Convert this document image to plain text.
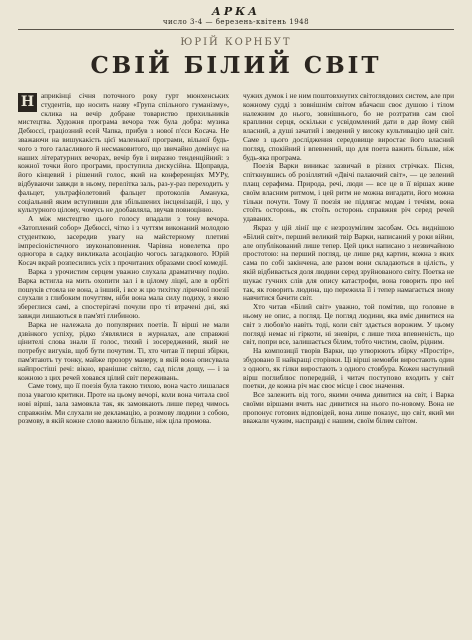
АРКА
число 3-4 — березень-квітень 1948
ЮРІЙ КОРНБУТ
СВІЙ БІЛИЙ СВІТ

Н априкінці січня поточного року гурт мюнхенських студентів, що носить назву «Група спільного гуманізму», склика на вечір добране товариство прихильників мистецтва. Художня програма вечора теж була добра: музика Дебюссі, грaціозний есей Чапка, прибув з нової п'єси Косача. Не зважаючи на вишукакість цієї маленької програми, вільної будь-чого з того галасливого й несмаковитого, що звичайно домінує на наших літературних вечорах, вечір був і виразно тенденційний: з кожної точки його програми, проступила дискусійна. Щоправда, його кінцевий і рішений голос, який на конференціях МУРу, відбуваючи завжди в ньому, перелітка заль, раз-у-раз переходить у фальцет, ультрафіолетовий фальцет протоколів Аманука, соціальний яким вступивши для збільшених інсценізацій, і що, у культурного цілому, чомусь не дообавляла, звучав повноцінно.

А між мистецтво цього голосу впадали з тону вечора. «Затоплений собор» Дебюссі, чітко і з чуттям виконаний молодою студенткою, засередив увагу на майстерному плетиві імпресіоністичного звуконаповнення. Чарівна новелетка про одногора в садку викликала асоціацію чогось загадкового. Юрій Косач вкрай розпесились усіх з прочитаних образами своєї комедії.

Варка з урочистим серцем уважно слухала драматичну подію. Варка встигла на мить охопити зал і в цілому ліцеї, але в орбіті пошуків стояла не вона, а інший, і все ж цю тихітку ліричної поезії слухали з глибоким почуттям, ніби вона мала силу подиху, з якою збереглися самі, а спостерігачі почули про ті втрачені дні, які завжди лишаються в пам'яті глибиною.

Варка не належала до популярних поетів. Її вірші не мали дзвінкого успіху, рідко з'являлися в журналах, але справжні цінителі слова знали її голос, тихий і зосереджений, який не потребує вигуків, щоб бути почутим. Ті, хто читав її перші збірки, пам'ятають ту тонку, майже прозору манеру, в якій вона описувала найпростіші речі: вікно, вранішнє світло, сад після дощу, — і за кожною з цих речей ховався цілий світ переживань.

Саме тому, що її поезія була такою тихою, вона часто лишалася поза увагою критики. Проте на цьому вечорі, коли вона читала свої нові вірші, зала замовкла так, як замовкають лише перед чимось справжнім. Ми слухали не декламацію, а розмову людини з собою, розмову, в якій кожне слово важило більше, ніж ціла промова.

чужих думок і не ним поштовхнутих світоглядових систем, але при кожному судді з зовнішнім світом вбачаєш своє душою і тілом належним до нього, зовнішнього, бо не розтратив сам свої краплини серця, оскільки є усвідомлений дати в дар йому свій власний, а душі зачатий і зведений у високу культивацію цей світ. Саме з цього дослідження середовище виростає його власний погляд, спокійний і впевнений, що для поета важить більше, ніж будь-яка програма.

Поезія Варки виникає зазвичай в різних стрічках. Пісня, спіткнувшись об розіллятий «Двічі палаючий світ», — це зелений плащ серафима. Природа, речі, люди — все це в її віршах живе своїм власним ритмом, і цей ритм не можна вигадати, його можна тільки почути. Тому її поезія не підлягає модам і течіям, вона стоїть осторонь, як стоїть осторонь справжня річ серед речей удаваних.

Якраз у цій лінії ще є незрозумілим засобам. Ось виднішою «Білий світ», перший великий твір Варки, написаний у роки війни, але опублікований лише тепер. Цей цикл написано з незвичайною простотою: на перший погляд, це лише ряд картин, кожна з яких сама по собі закінчена, але разом вони складаються в цілість, у якій відбивається доля людини серед зруйнованого світу. Поетка не шукає гучних слів для опису катастрофи, вона говорить про неї так, як говорить людина, що пережила її і тепер намагається знову навчитися бачити світ.

Хто читав «Білий світ» уважно, той помітив, що головне в ньому не опис, а погляд. Це погляд людини, яка вміє дивитися на світ з любов'ю навіть тоді, коли світ здається ворожим. У цьому погляді немає ні гіркоти, ні зневіри, є лише тиха впевненість, що світ, попри все, залишається білим, тобто чистим, своїм, рідним.

На композиції творів Варки, що утворюють збірку «Простір», збудовано її найкращі сторінки. Ці вірші немовби виростають один з одного, як гілки виростають з одного стовбура. Кожен наступний вірш поглиблює попередній, і читач поступово входить у світ поетки, де кожна річ має своє місце і своє значення.

Все залежить від того, якими очима дивитися на світ, і Варка своїми віршами вчить нас дивитися на нього по-новому. Вона не пропонує готових відповідей, вона лише показує, що світ, який ми вважали чужим, насправді є нашим, своїм білим світом.
